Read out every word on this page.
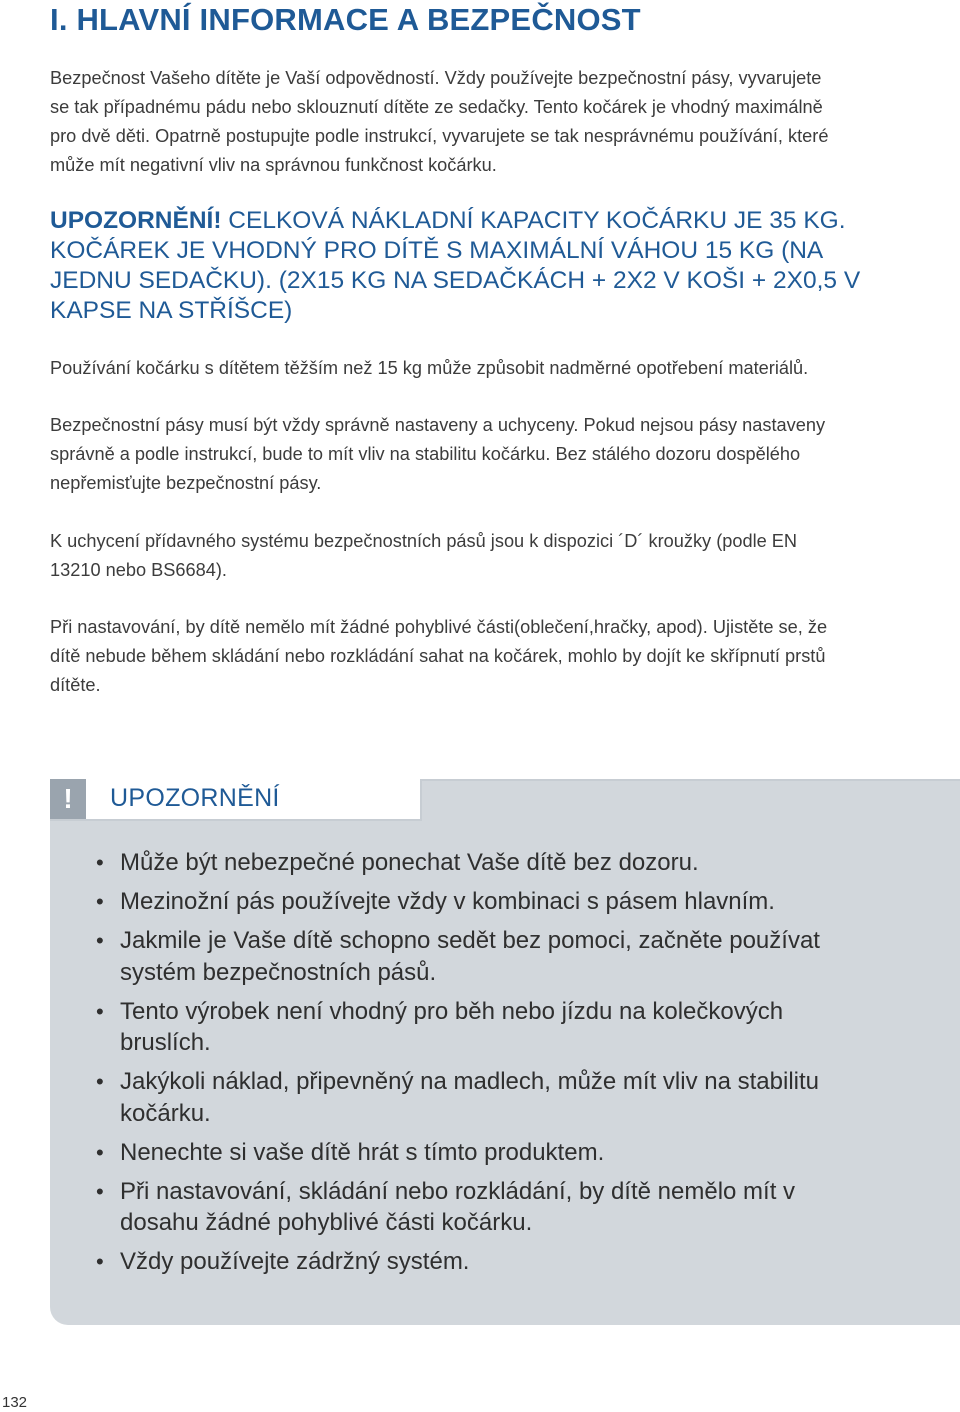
I. HLAVNÍ INFORMACE A BEZPEČNOST

Bezpečnost Vašeho dítěte je Vaší odpovědností. Vždy používejte bezpečnostní pásy, vyvarujete
se tak případnému pádu nebo sklouznutí dítěte ze sedačky. Tento kočárek je vhodný maximálně
pro dvě děti. Opatrně postupujte podle instrukcí, vyvarujete se tak nesprávnému používání, které
může mít negativní vliv na správnou funkčnost kočárku.

UPOZORNĚNÍ! CELKOVÁ NÁKLADNÍ KAPACITY KOČÁRKU JE 35 KG.
KOČÁREK JE VHODNÝ PRO DÍTĚ S MAXIMÁLNÍ VÁHOU 15 KG (NA
JEDNU SEDAČKU). (2X15 KG NA SEDAČKÁCH + 2X2 V KOŠI + 2X0,5 V
KAPSE NA STŘÍŠCE)

Používání kočárku s dítětem těžším než 15 kg může způsobit nadměrné opotřebení materiálů.

Bezpečnostní pásy musí být vždy správně nastaveny a uchyceny. Pokud nejsou pásy nastaveny
správně a podle instrukcí, bude to mít vliv na stabilitu kočárku. Bez stálého dozoru dospělého
nepřemisťujte bezpečnostní pásy.

K uchycení přídavného systému bezpečnostních pásů jsou k dispozici ´D´ kroužky (podle EN
13210 nebo BS6684).

Při nastavování, by dítě nemělo mít žádné pohyblivé části(oblečení,hračky, apod). Ujistěte se, že
dítě nebude během skládání nebo rozkládání sahat na kočárek, mohlo by dojít ke skřípnutí prstů
dítěte.

!	UPOZORNĚNÍ
• Může být nebezpečné ponechat Vaše dítě bez dozoru.
• Mezinožní pás používejte vždy v kombinaci s pásem hlavním.
• Jakmile je Vaše dítě schopno sedět bez pomoci, začněte používat
systém bezpečnostních pásů.
• Tento výrobek není vhodný pro běh nebo jízdu na kolečkových
bruslích.
• Jakýkoli náklad, připevněný na madlech, může mít vliv na stabilitu
kočárku.
• Nenechte si vaše dítě hrát s tímto produktem.
• Při nastavování, skládání nebo rozkládání, by dítě nemělo mít v
dosahu žádné pohyblivé části kočárku.
• Vždy používejte zádržný systém.
132
